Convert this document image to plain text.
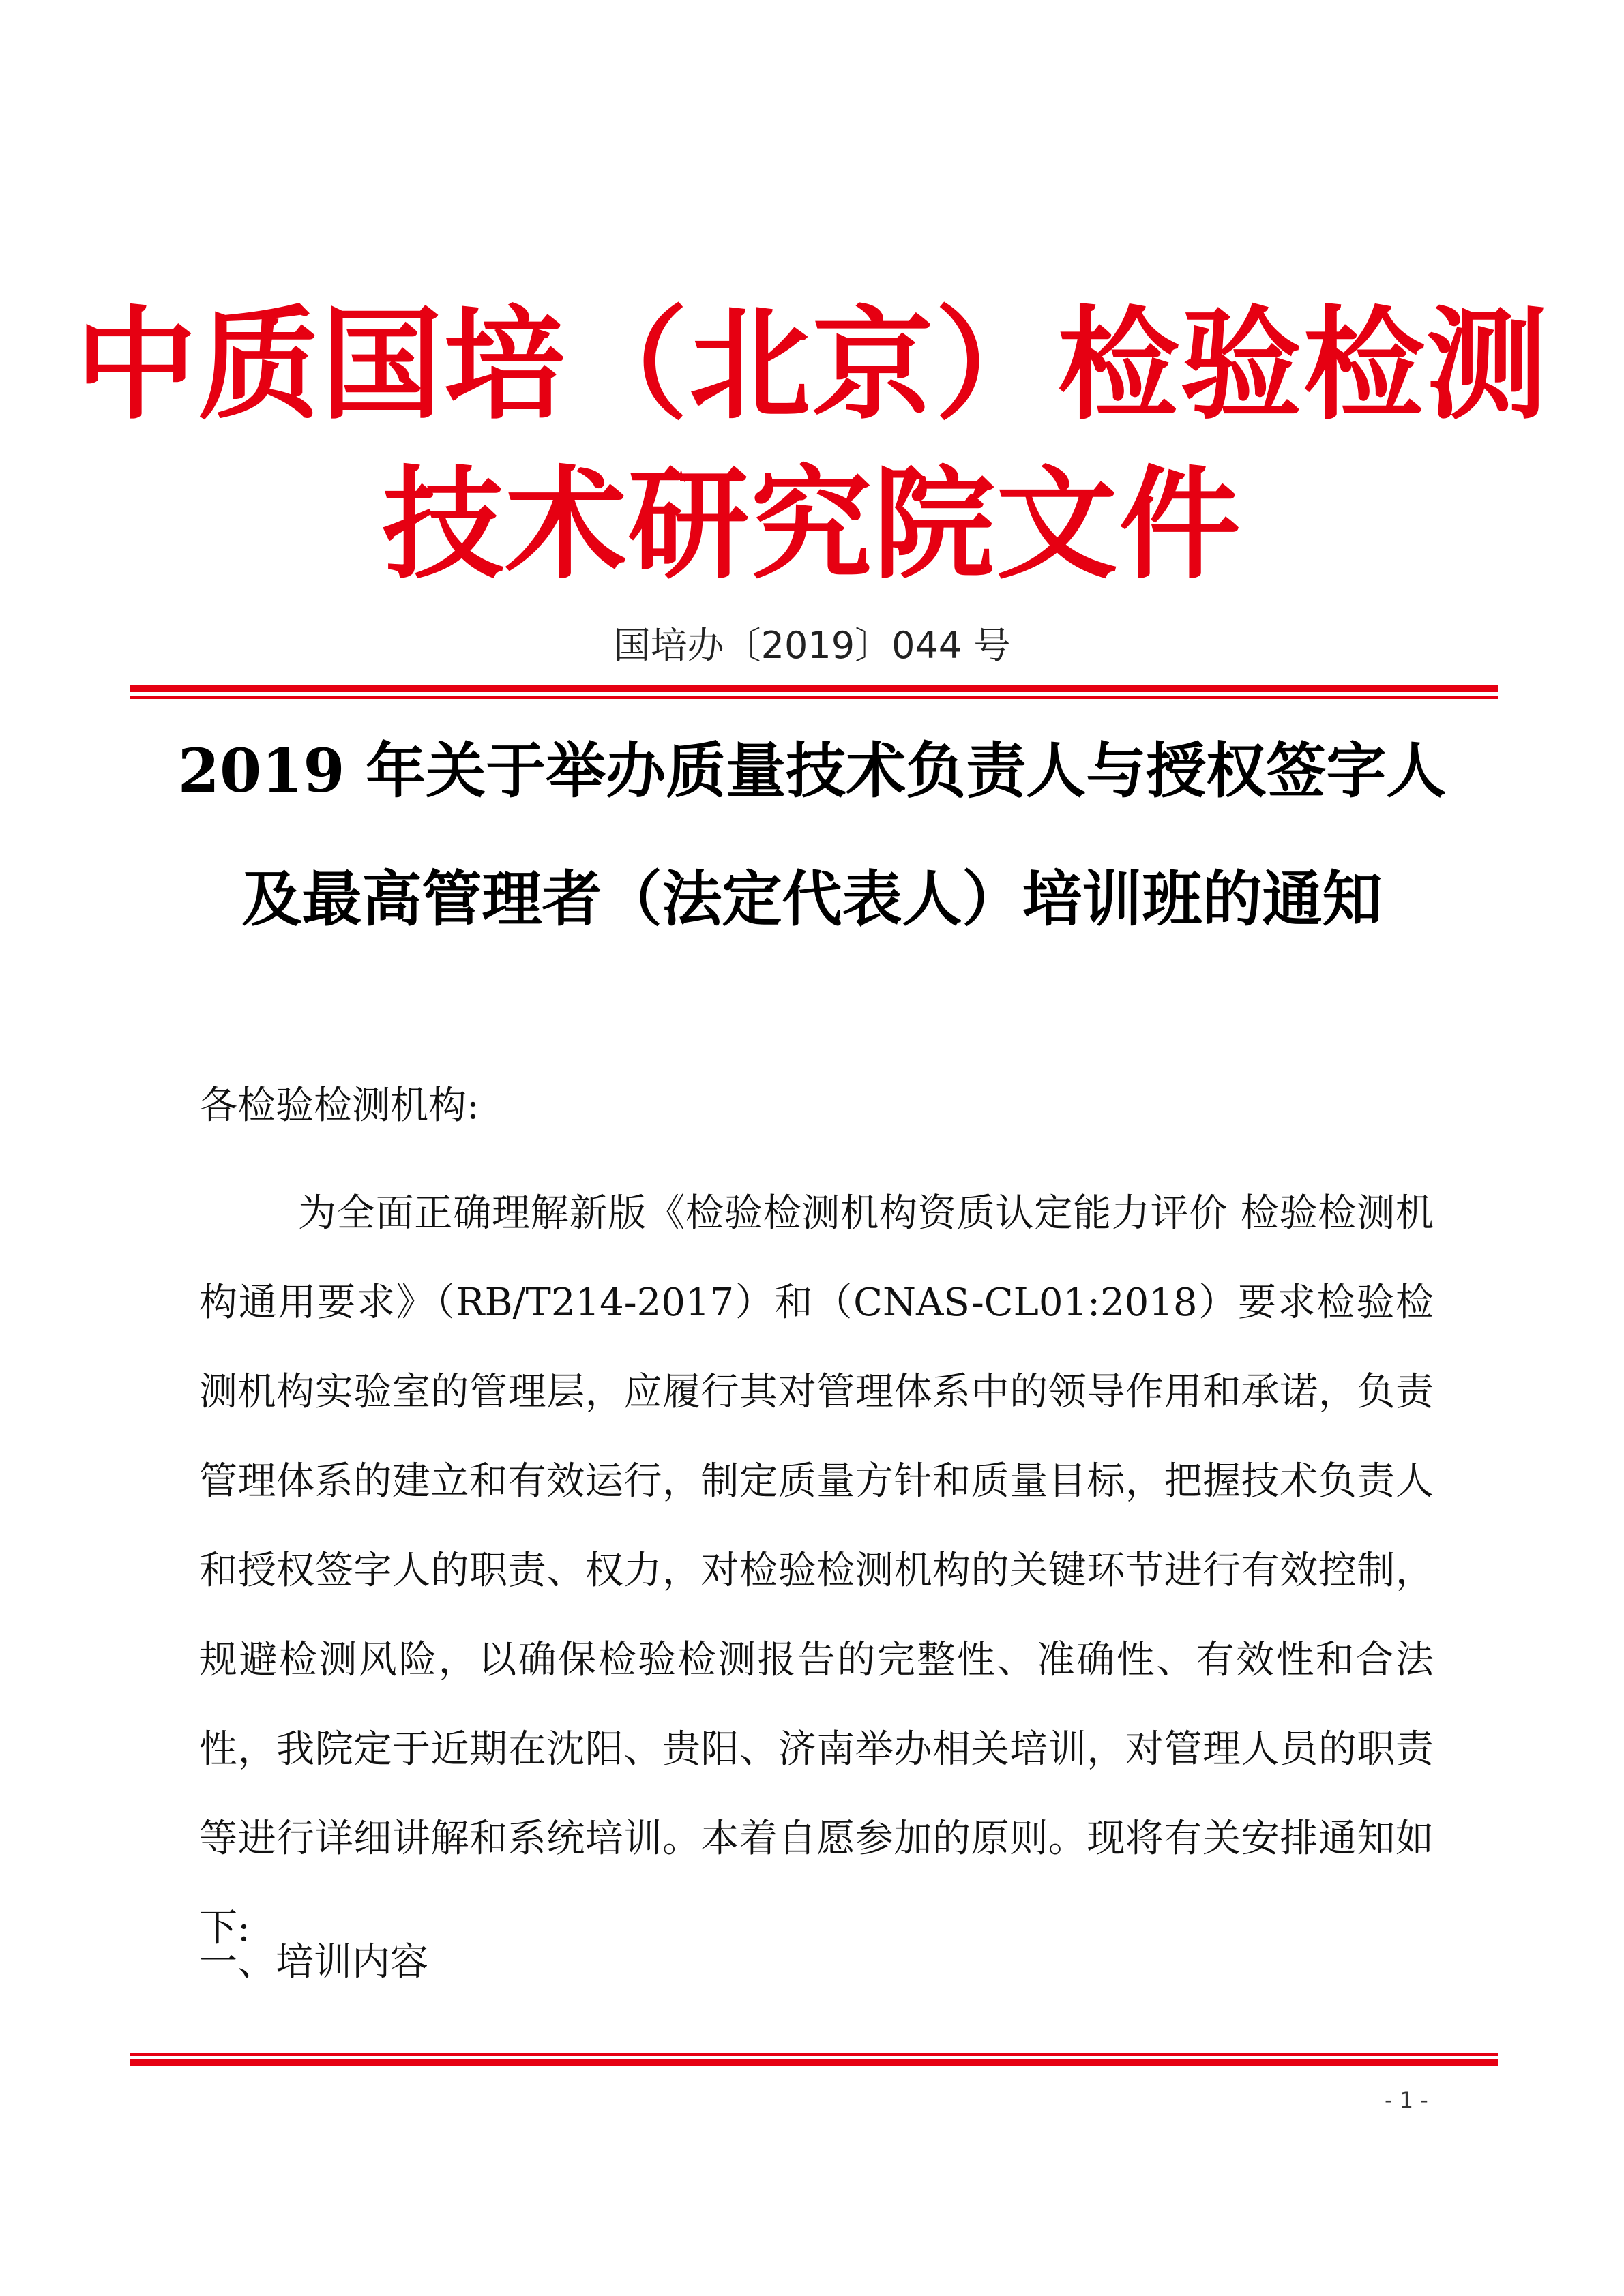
中质国培（北京）检验检测
技术研究院文件
国培办〔2019〕044 号
2019 年关于举办质量技术负责人与授权签字人
及最高管理者（法定代表人）培训班的通知
各检验检测机构:

为全面正确理解新版《检验检测机构资质认定能力评价 检验检测机构通用要求》（RB/T214-2017）和（CNAS-CL01:2018）要求检验检测机构实验室的管理层，应履行其对管理体系中的领导作用和承诺，负责管理体系的建立和有效运行，制定质量方针和质量目标，把握技术负责人和授权签字人的职责、权力，对检验检测机构的关键环节进行有效控制，规避检测风险，以确保检验检测报告的完整性、准确性、有效性和合法性，我院定于近期在沈阳、贵阳、济南举办相关培训，对管理人员的职责等进行详细讲解和系统培训。本着自愿参加的原则。现将有关安排通知如下:

一、培训内容
- 1 -
